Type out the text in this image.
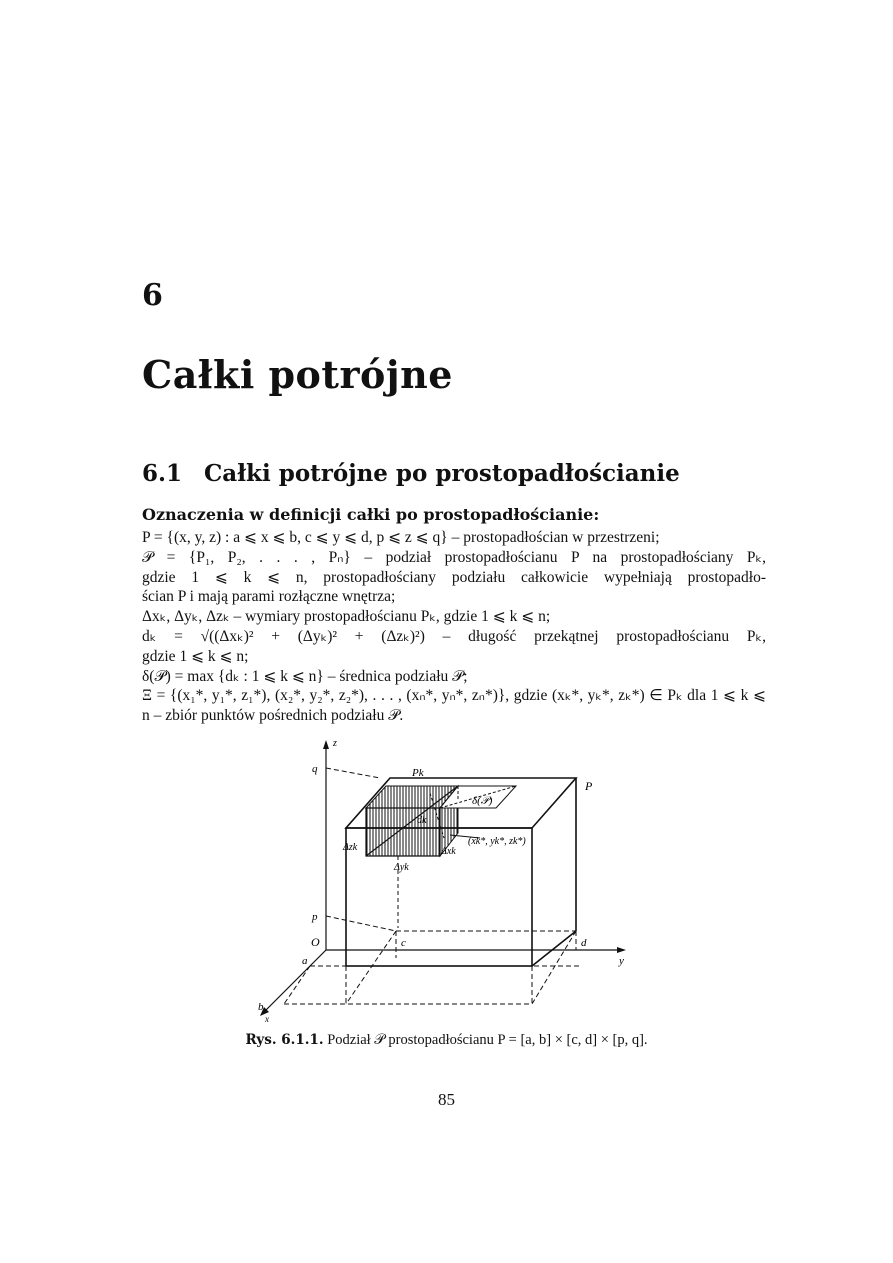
6
Całki potrójne
6.1 Całki potrójne po prostopadłościanie
Oznaczenia w definicji całki po prostopadłościanie:
P = {(x, y, z) : a ⩽ x ⩽ b, c ⩽ y ⩽ d, p ⩽ z ⩽ q} – prostopadłościan w przestrzeni;
𝒫 = {P₁, P₂, . . . , Pₙ} – podział prostopadłościanu P na prostopadłościany Pₖ,
gdzie 1 ⩽ k ⩽ n, prostopadłościany podziału całkowicie wypełniają prostopadło-
ścian P i mają parami rozłączne wnętrza;
Δxₖ, Δyₖ, Δzₖ – wymiary prostopadłościanu Pₖ, gdzie 1 ⩽ k ⩽ n;
dₖ = √((Δxₖ)² + (Δyₖ)² + (Δzₖ)²) – długość przekątnej prostopadłościanu Pₖ,
gdzie 1 ⩽ k ⩽ n;
δ(𝒫) = max {dₖ : 1 ⩽ k ⩽ n} – średnica podziału 𝒫;
Ξ = {(x₁*, y₁*, z₁*), (x₂*, y₂*, z₂*), . . . , (xₙ*, yₙ*, zₙ*)}, gdzie (xₖ*, yₖ*, zₖ*) ∈ Pₖ dla 1 ⩽ k ⩽
n – zbiór punktów pośrednich podziału 𝒫.
z
q	Pk
δ(𝒫)
P
dk
(xk*, yk*, zk*)
Δzk	Δxk
Δyk
p
O	c	d
a	y
b
x
Rys. 6.1.1. Podział 𝒫 prostopadłościanu P = [a, b] × [c, d] × [p, q].
85
